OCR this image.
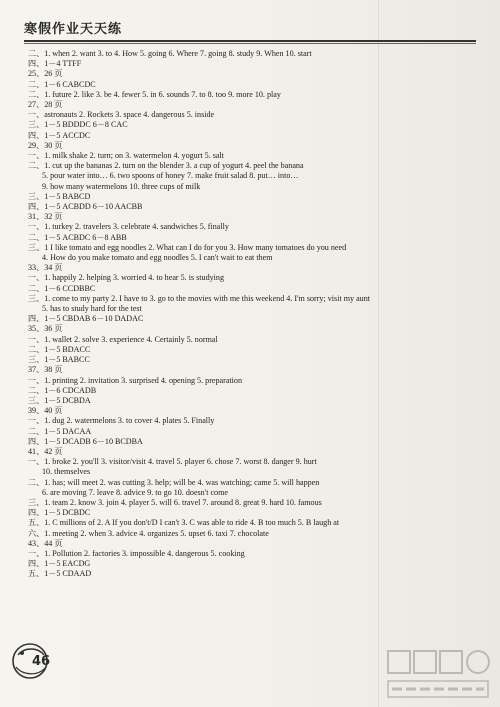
寒假作业天天练
二、1. when 2. want 3. to 4. How 5. going 6. Where 7. going 8. study 9. When 10. start
四、1－4 TTFF
25、26 页
二、1－6 CABCDC
二、1. future 2. like 3. be 4. fewer 5. in 6. sounds 7. to 8. too 9. more 10. play
27、28 页
一、astronauts 2. Rockets 3. space 4. dangerous 5. inside
三、1－5 BDDDC 6－8 CAC
四、1－5 ACCDC
29、30 页
一、1. milk shake 2. turn; on 3. watermelon 4. yogurt 5. salt
二、1. cut up the bananas 2. turn on the blender 3. a cup of yogurt 4. peel the banana
5. pour water into… 6. two spoons of honey 7. make fruit salad 8. put… into…
9. how many watermelons 10. three cups of milk
三、1－5 BABCD
四、1－5 ACBDD 6－10 AACBB
31、32 页
一、1. turkey 2. travelers 3. celebrate 4. sandwiches 5. finally
二、1－5 ACBDC 6－8 ABB
三、1 I like tomato and egg noodles 2. What can I do for you 3. How many tomatoes do you need
4. How do you make tomato and egg noodles 5. I can't wait to eat them
33、34 页
一、1. happily 2. helping 3. worried 4. to hear 5. is studying
二、1－6 CCDBBC
三、1. come to my party 2. I have to 3. go to the movies with me this weekend 4. I'm sorry; visit my aunt
5. has to study hard for the test
四、1－5 CBDAB 6－10 DADAC
35、36 页
一、1. wallet 2. solve 3. experience 4. Certainly 5. normal
二、1－5 BDACC
三、1－5 BABCC
37、38 页
一、1. printing 2. invitation 3. surprised 4. opening 5. preparation
二、1－6 CDCADB
三、1－5 DCBDA
39、40 页
一、1. dug 2. watermelons 3. to cover 4. plates 5. Finally
二、1－5 DACAA
四、1－5 DCADB 6－10 BCDBA
41、42 页
一、1. broke 2. you'll 3. visitor/visit 4. travel 5. player 6. chose 7. worst 8. danger 9. hurt
10. themselves
二、1. has; will meet 2. was cutting 3. help; will be 4. was watching; came 5. will happen
6. are moving 7. leave 8. advice 9. to go 10. doesn't come
三、1. team 2. know 3. join 4. player 5. will 6. travel 7. around 8. great 9. hard 10. famous
四、1－5 DCBDC
五、1. C millions of 2. A If you don't/D I can't 3. C was able to ride 4. B too much 5. B laugh at
六、1. meeting 2. when 3. advice 4. organizes 5. upset 6. taxi 7. chocolate
43、44 页
一、1. Pollution 2. factories 3. impossible 4. dangerous 5. cooking
四、1－5 EACDG
五、1－5 CDAAD
46
